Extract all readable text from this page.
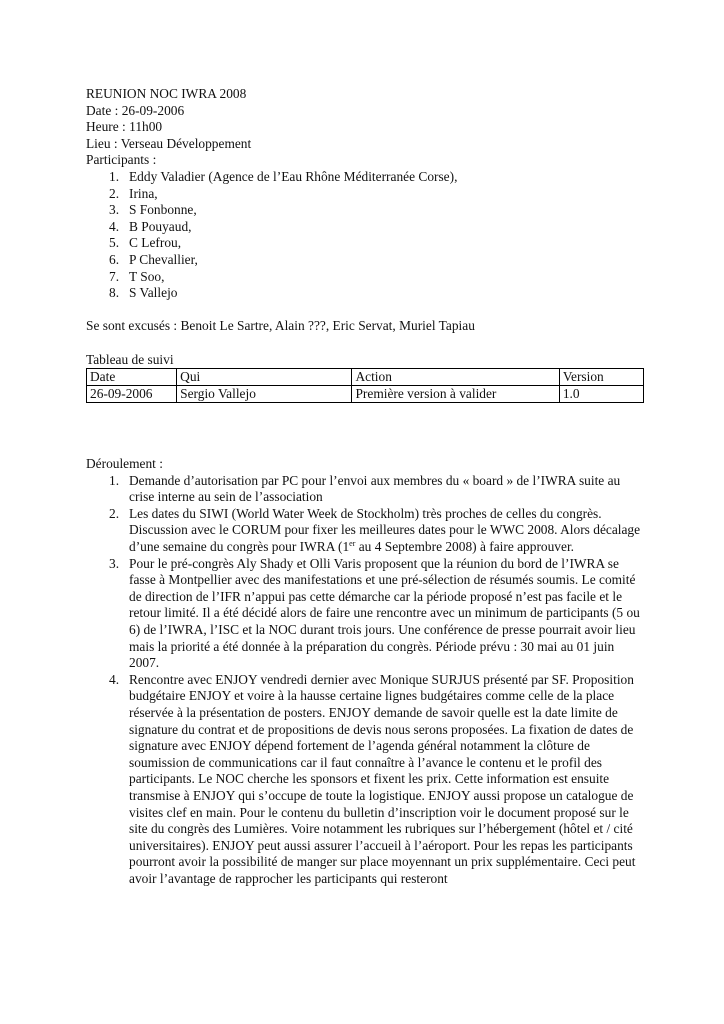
REUNION NOC IWRA 2008
Date : 26-09-2006
Heure : 11h00
Lieu : Verseau Développement
Participants :
1. Eddy Valadier (Agence de l’Eau Rhône Méditerranée Corse),
2. Irina,
3. S Fonbonne,
4. B Pouyaud,
5. C Lefrou,
6. P Chevallier,
7. T Soo,
8. S Vallejo
Se sont excusés : Benoit Le Sartre, Alain ???, Eric Servat, Muriel Tapiau
Tableau de suivi
Date	Qui	Action	Version
26-09-2006	Sergio Vallejo	Première version à valider	1.0
Déroulement :
1. Demande d’autorisation par PC pour l’envoi aux membres du « board » de l’IWRA suite au crise interne au sein de l’association
2. Les dates du SIWI (World Water Week de Stockholm) très proches de celles du congrès. Discussion avec le CORUM pour fixer les meilleures dates pour le WWC 2008. Alors décalage d’une semaine du congrès pour IWRA (1er au 4 Septembre 2008) à faire approuver.
3. Pour le pré-congrès Aly Shady et Olli Varis proposent que la réunion du bord de l’IWRA se fasse à Montpellier avec des manifestations et une pré-sélection de résumés soumis. Le comité de direction de l’IFR n’appui pas cette démarche car la période proposé n’est pas facile et le retour limité. Il a été décidé alors de faire une rencontre avec un minimum de participants (5 ou 6) de l’IWRA, l’ISC et la NOC durant trois jours. Une conférence de presse pourrait avoir lieu mais la priorité a été donnée à la préparation du congrès. Période prévu : 30 mai au 01 juin 2007.
4. Rencontre avec ENJOY vendredi dernier avec Monique SURJUS présenté par SF. Proposition budgétaire ENJOY et voire à la hausse certaine lignes budgétaires comme celle de la place réservée à la présentation de posters. ENJOY demande de savoir quelle est la date limite de signature du contrat et de propositions de devis nous serons proposées. La fixation de dates de signature avec ENJOY dépend fortement de l’agenda général notamment la clôture de soumission de communications car il faut connaître à l’avance le contenu et le profil des participants. Le NOC cherche les sponsors et fixent les prix. Cette information est ensuite transmise à ENJOY qui s’occupe de toute la logistique. ENJOY aussi propose un catalogue de visites clef en main. Pour le contenu du bulletin d’inscription voir le document proposé sur le site du congrès des Lumières. Voire notamment les rubriques sur l’hébergement (hôtel et / cité universitaires). ENJOY peut aussi assurer l’accueil à l’aéroport. Pour les repas les participants pourront avoir la possibilité de manger sur place moyennant un prix supplémentaire. Ceci peut avoir l’avantage de rapprocher les participants qui resteront
